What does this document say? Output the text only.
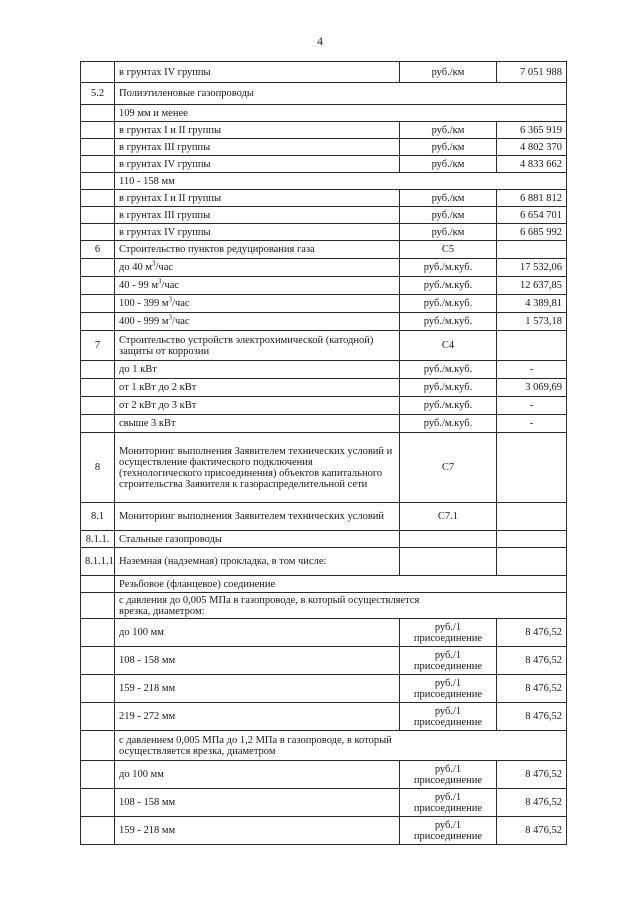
4
	в грунтах IV группы	руб./км	7 051 988
5.2	Полиэтиленовые газопроводы		
	109 мм и менее		
	в грунтах I и II группы	руб./км	6 365 919
	в грунтах III группы	руб./км	4 802 370
	в грунтах IV группы	руб./км	4 833 662
	110 - 158 мм		
	в грунтах I и II группы	руб./км	6 881 812
	в грунтах III группы	руб./км	6 654 701
	в грунтах IV группы	руб./км	6 685 992
6	Строительство пунктов редуцирования газа	C5	
	до 40 $м^3$/час	руб./м.куб.	17 532,06
	40 - 99 $м^3$/час	руб./м.куб.	12 637,85
	100 - 399 $м^3$/час	руб./м.куб.	4 389,81
	400 - 999 $м^3$/час	руб./м.куб.	1 573,18
7	Строительство устройств электрохимической (катодной) защиты от коррозии	C4	
	до 1 кВт	руб./м.куб.	-
	от 1 кВт до 2 кВт	руб./м.куб.	3 069,69
	от 2 кВт до 3 кВт	руб./м.куб.	-
	свыше 3 кВт	руб./м.куб.	-
8	Мониторинг выполнения Заявителем технических условий и осуществление фактического подключения (технологического присоединения) объектов капитального строительства Заявителя к газораспределительной сети	C7	
8.1	Мониторинг выполнения Заявителем технических условий	C7.1	
8.1.1.	Стальные газопроводы		
8.1.1.1	Наземная (надземная) прокладка, в том числе:		
	Резьбовое (фланцевое) соединение		
	с давления до 0,005 МПа в газопроводе, в который осуществляется врезка, диаметром:		
	до 100 мм	руб./1 присоединение	8 476,52
	108 - 158 мм	руб./1 присоединение	8 476,52
	159 - 218 мм	руб./1 присоединение	8 476,52
	219 - 272 мм	руб./1 присоединение	8 476,52
	с давлением 0,005 МПа до 1,2 МПа в газопроводе, в который осуществляется врезка, диаметром		
	до 100 мм	руб./1 присоединение	8 476,52
	108 - 158 мм	руб./1 присоединение	8 476,52
	159 - 218 мм	руб./1 присоединение	8 476,52
